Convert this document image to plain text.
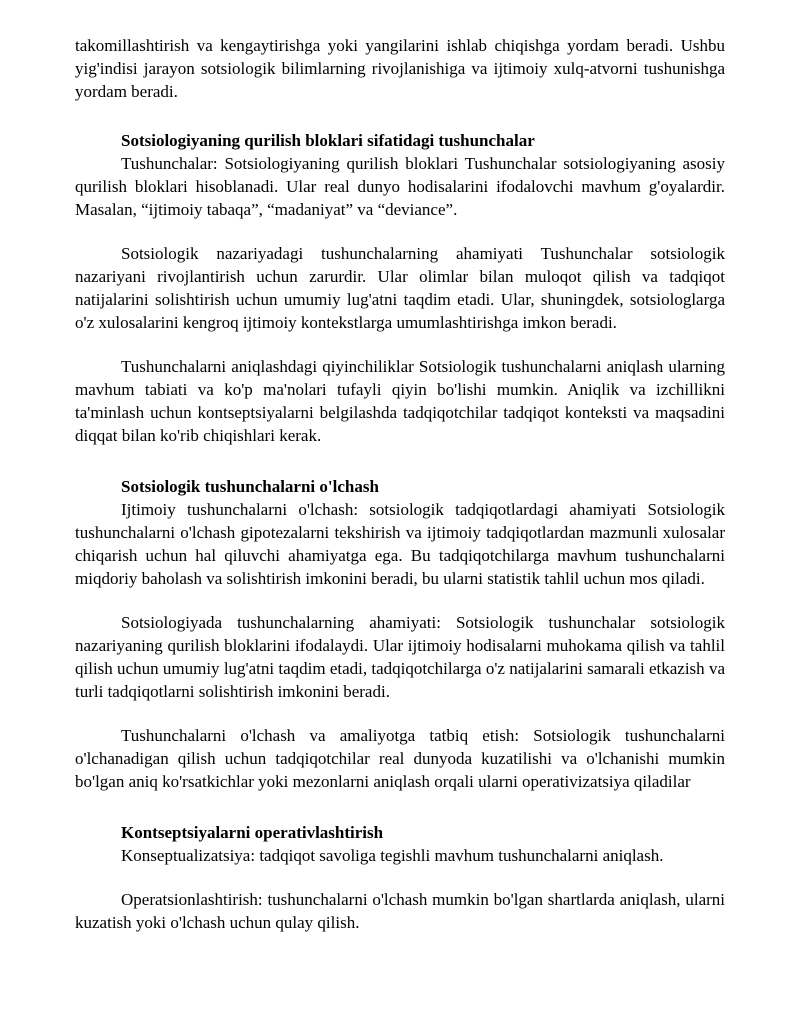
takomillashtirish va kengaytirishga yoki yangilarini ishlab chiqishga yordam beradi. Ushbu yig'indisi jarayon sotsiologik bilimlarning rivojlanishiga va ijtimoiy xulq-atvorni tushunishga yordam beradi.

Sotsiologiyaning qurilish bloklari sifatidagi tushunchalar

Tushunchalar: Sotsiologiyaning qurilish bloklari Tushunchalar sotsiologiyaning asosiy qurilish bloklari hisoblanadi. Ular real dunyo hodisalarini ifodalovchi mavhum g'oyalardir. Masalan, “ijtimoiy tabaqa”, “madaniyat” va “deviance”.

Sotsiologik nazariyadagi tushunchalarning ahamiyati Tushunchalar sotsiologik nazariyani rivojlantirish uchun zarurdir. Ular olimlar bilan muloqot qilish va tadqiqot natijalarini solishtirish uchun umumiy lug'atni taqdim etadi. Ular, shuningdek, sotsiologlarga o'z xulosalarini kengroq ijtimoiy kontekstlarga umumlashtirishga imkon beradi.

Tushunchalarni aniqlashdagi qiyinchiliklar Sotsiologik tushunchalarni aniqlash ularning mavhum tabiati va ko'p ma'nolari tufayli qiyin bo'lishi mumkin. Aniqlik va izchillikni ta'minlash uchun kontseptsiyalarni belgilashda tadqiqotchilar tadqiqot konteksti va maqsadini diqqat bilan ko'rib chiqishlari kerak.

Sotsiologik tushunchalarni o'lchash

Ijtimoiy tushunchalarni o'lchash: sotsiologik tadqiqotlardagi ahamiyati Sotsiologik tushunchalarni o'lchash gipotezalarni tekshirish va ijtimoiy tadqiqotlardan mazmunli xulosalar chiqarish uchun hal qiluvchi ahamiyatga ega. Bu tadqiqotchilarga mavhum tushunchalarni miqdoriy baholash va solishtirish imkonini beradi, bu ularni statistik tahlil uchun mos qiladi.

Sotsiologiyada tushunchalarning ahamiyati: Sotsiologik tushunchalar sotsiologik nazariyaning qurilish bloklarini ifodalaydi. Ular ijtimoiy hodisalarni muhokama qilish va tahlil qilish uchun umumiy lug'atni taqdim etadi, tadqiqotchilarga o'z natijalarini samarali etkazish va turli tadqiqotlarni solishtirish imkonini beradi.

Tushunchalarni o'lchash va amaliyotga tatbiq etish: Sotsiologik tushunchalarni o'lchanadigan qilish uchun tadqiqotchilar real dunyoda kuzatilishi va o'lchanishi mumkin bo'lgan aniq ko'rsatkichlar yoki mezonlarni aniqlash orqali ularni operativizatsiya qiladilar

Kontseptsiyalarni operativlashtirish

Konseptualizatsiya: tadqiqot savoliga tegishli mavhum tushunchalarni aniqlash.

Operatsionlashtirish: tushunchalarni o'lchash mumkin bo'lgan shartlarda aniqlash, ularni kuzatish yoki o'lchash uchun qulay qilish.
